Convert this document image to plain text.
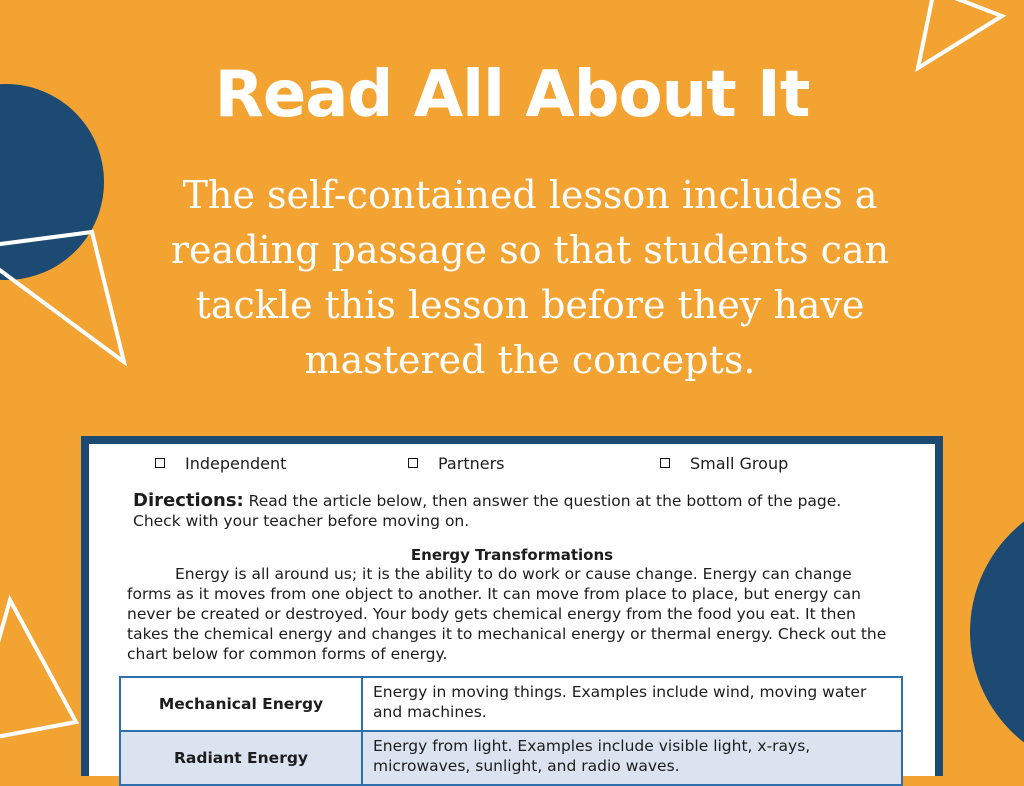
Read All About It

The self-contained lesson includes a reading passage so that students can tackle this lesson before they have mastered the concepts.

Independent	Partners	Small Group
Directions: Read the article below, then answer the question at the bottom of the page. Check with your teacher before moving on.
Energy Transformations

Energy is all around us; it is the ability to do work or cause change. Energy can change forms as it moves from one object to another. It can move from place to place, but energy can never be created or destroyed. Your body gets chemical energy from the food you eat. It then takes the chemical energy and changes it to mechanical energy or thermal energy. Check out the chart below for common forms of energy.

Mechanical Energy	Energy in moving things. Examples include wind, moving water and machines.
Radiant Energy	Energy from light. Examples include visible light, x-rays, microwaves, sunlight, and radio waves.
